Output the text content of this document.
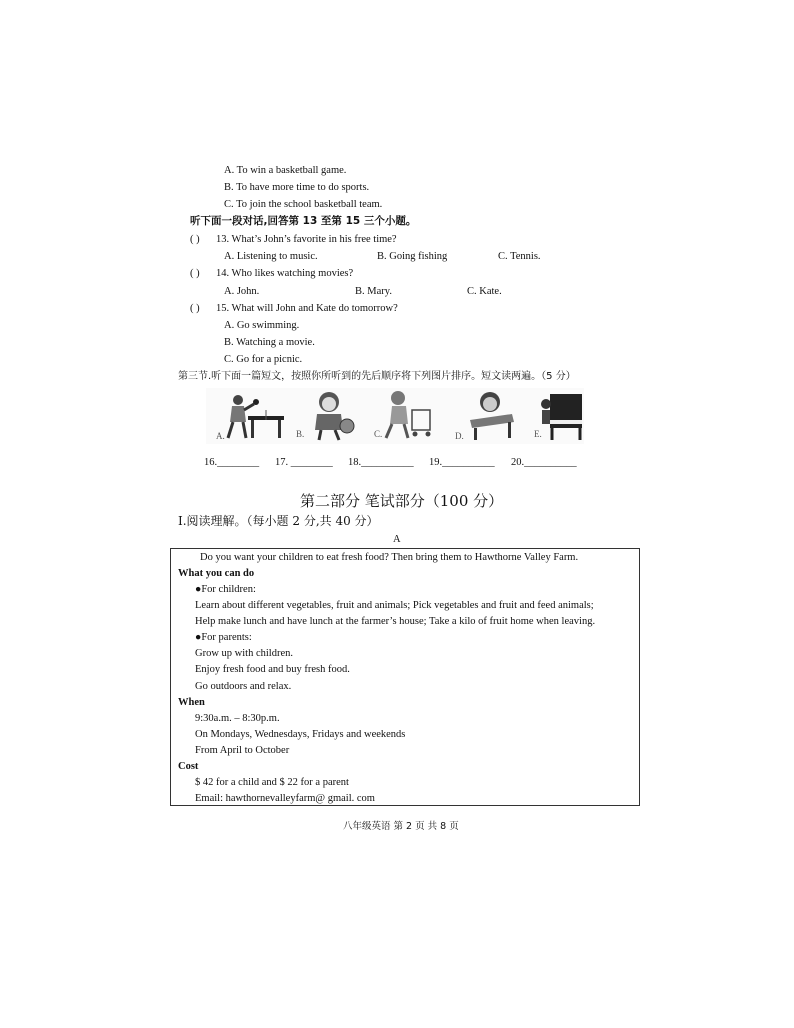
A. To win a basketball game.
B. To have more time to do sports.
C. To join the school basketball team.
听下面一段对话,回答第 13 至第 15 三个小题。
( ) 13. What’s John’s favorite in his free time?
A. Listening to music.	B. Going fishing	C. Tennis.
( ) 14. Who likes watching movies?
A. John.	B. Mary.	C. Kate.
( ) 15. What will John and Kate do tomorrow?
A. Go swimming.
B. Watching a movie.
C. Go for a picnic.
第三节.听下面一篇短文，按照你所听到的先后顺序将下列图片排序。短文读两遍。（5 分）
A.	B.	C.	D.	E.
16.________ 17. ________ 18.__________ 19.__________ 20.__________
第二部分 笔试部分（100 分）
Ⅰ.阅读理解。（每小题 2 分,共 40 分）
A
Do you want your children to eat fresh food? Then bring them to Hawthorne Valley Farm.
What you can do
●For children:
Learn about different vegetables, fruit and animals; Pick vegetables and fruit and feed animals;
Help make lunch and have lunch at the farmer’s house; Take a kilo of fruit home when leaving.
●For parents:
Grow up with children.
Enjoy fresh food and buy fresh food.
Go outdoors and relax.
When
9:30a.m. – 8:30p.m.
On Mondays, Wednesdays, Fridays and weekends
From April to October
Cost
$ 42 for a child and $ 22 for a parent
Email: hawthornevalleyfarm@ gmail. com
八年级英语 第 2 页 共 8 页
